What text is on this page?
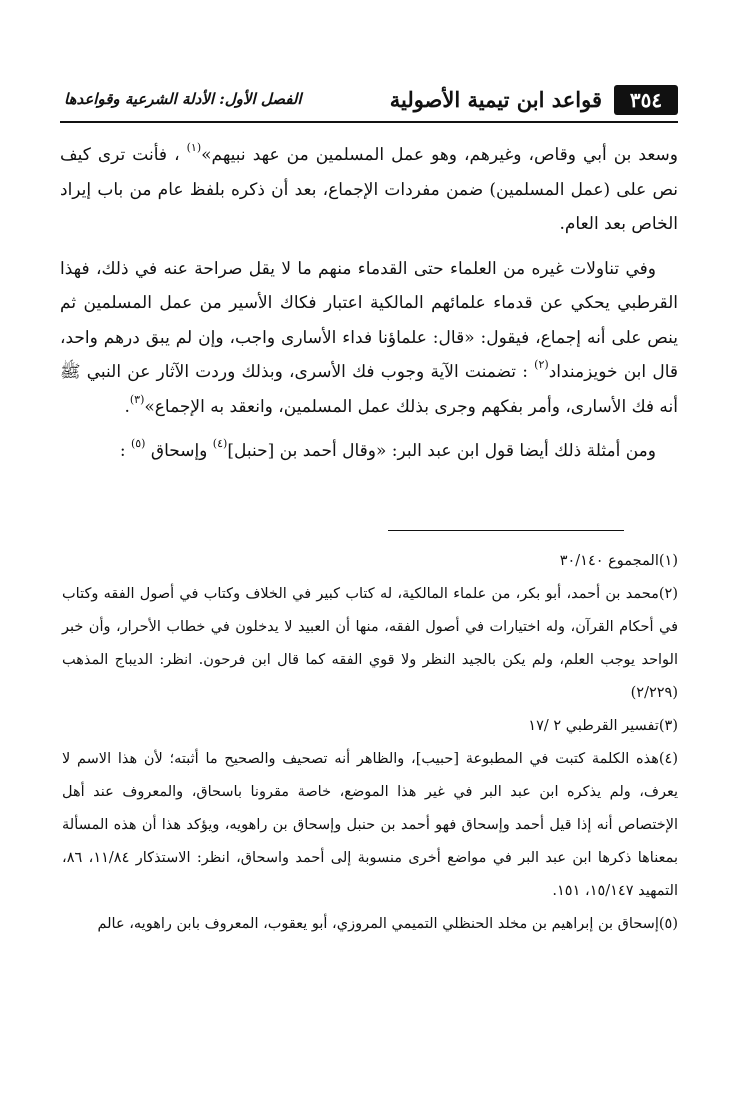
٣٥٤
قواعد ابن تيمية الأصولية
الفصل الأول: الأدلة الشرعية وقواعدها

وسعد بن أبي وقاص، وغيرهم، وهو عمل المسلمين من عهد نبيهم»$^{(١)}$ ، فأنت ترى كيف نص على (عمل المسلمين) ضمن مفردات الإجماع، بعد أن ذكره بلفظ عام من باب إيراد الخاص بعد العام.

وفي تناولات غيره من العلماء حتى القدماء منهم ما لا يقل صراحة عنه في ذلك، فهذا القرطبي يحكي عن قدماء علمائهم المالكية اعتبار فكاك الأسير من عمل المسلمين ثم ينص على أنه إجماع، فيقول: «قال: علماؤنا فداء الأسارى واجب، وإن لم يبق درهم واحد، قال ابن خويزمنداد$^{(٢)}$ : تضمنت الآية وجوب فك الأسرى، وبذلك وردت الآثار عن النبي ﷺ أنه فك الأسارى، وأمر بفكهم وجرى بذلك عمل المسلمين، وانعقد به الإجماع»$^{(٣)}$.

ومن أمثلة ذلك أيضا قول ابن عبد البر: «وقال أحمد بن [حنبل]$^{(٤)}$ وإسحاق $^{(٥)}$ :

(١)المجموع ٣٠/١٤٠

(٢)محمد بن أحمد، أبو بكر، من علماء المالكية، له كتاب كبير في الخلاف وكتاب في أصول الفقه وكتاب في أحكام القرآن، وله اختيارات في أصول الفقه، منها أن العبيد لا يدخلون في خطاب الأحرار، وأن خبر الواحد يوجب العلم، ولم يكن بالجيد النظر ولا قوي الفقه كما قال ابن فرحون. انظر: الديباج المذهب (٢/٢٢٩)

(٣)تفسير القرطبي ٢ /١٧

(٤)هذه الكلمة كتبت في المطبوعة [حبيب]، والظاهر أنه تصحيف والصحيح ما أثبته؛ لأن هذا الاسم لا يعرف، ولم يذكره ابن عبد البر في غير هذا الموضع، خاصة مقرونا باسحاق، والمعروف عند أهل الإختصاص أنه إذا قيل أحمد وإسحاق فهو أحمد بن حنبل وإسحاق بن راهويه، ويؤكد هذا أن هذه المسألة بمعناها ذكرها ابن عبد البر في مواضع أخرى منسوبة إلى أحمد واسحاق، انظر: الاستذكار ١١/٨٤، ٨٦، التمهيد ١٥/١٤٧، ١٥١.

(٥)إسحاق بن إبراهيم بن مخلد الحنظلي التميمي المروزي، أبو يعقوب، المعروف بابن راهويه، عالم
